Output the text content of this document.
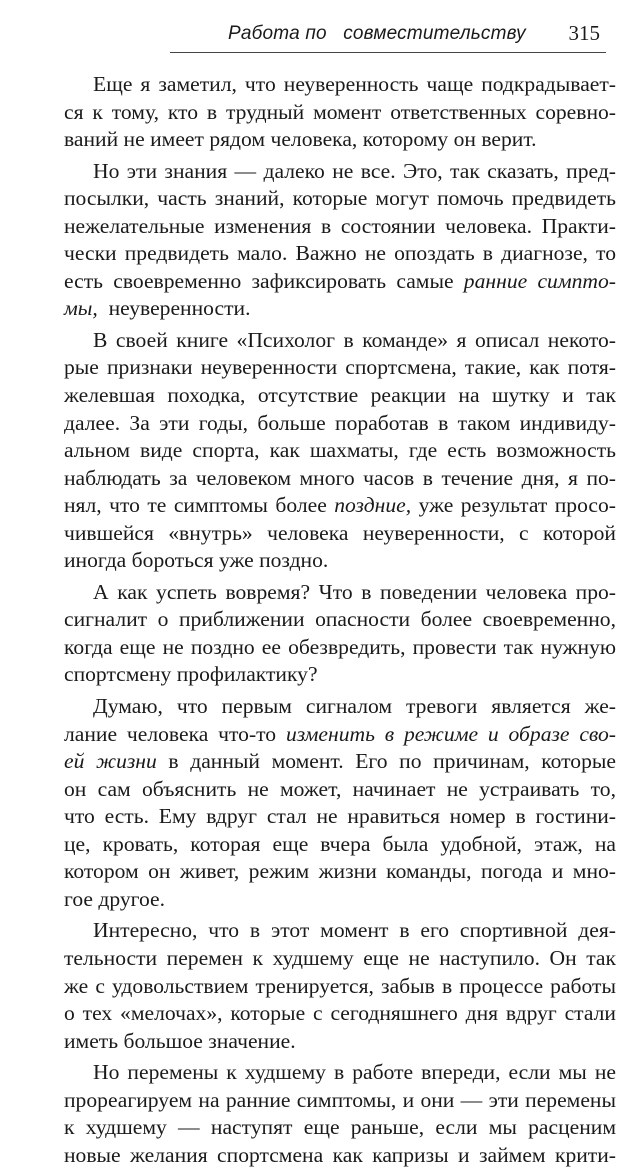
Работа по   совместительству 315
Еще я заметил, что неуверенность чаще подкрадывает-
ся к тому, кто в трудный момент ответственных соревно-
ваний не имеет рядом человека, которому он верит.
Но эти знания — далеко не все. Это, так сказать, пред-
посылки, часть знаний, которые могут помочь предвидеть
нежелательные изменения в состоянии человека. Практи-
чески предвидеть мало. Важно не опоздать в диагнозе, то
есть своевременно зафиксировать самые ранние симпто-
мы,  неуверенности.
В своей книге «Психолог в команде» я описал некото-
рые признаки неуверенности спортсмена, такие, как потя-
желевшая походка, отсутствие реакции на шутку и так
далее. За эти годы, больше поработав в таком индивиду-
альном виде спорта, как шахматы, где есть возможность
наблюдать за человеком много часов в течение дня, я по-
нял, что те симптомы более поздние, уже результат просо-
чившейся «внутрь» человека неуверенности, с которой
иногда бороться уже поздно.
А как успеть вовремя? Что в поведении человека про-
сигналит о приближении опасности более своевременно,
когда еще не поздно ее обезвредить, провести так нужную
спортсмену профилактику?
Думаю, что первым сигналом тревоги является же-
лание человека что-то изменить в режиме и образе сво-
ей жизни в данный момент. Его по причинам, которые
он сам объяснить не может, начинает не устраивать то,
что есть. Ему вдруг стал не нравиться номер в гостини-
це, кровать, которая еще вчера была удобной, этаж, на
котором он живет, режим жизни команды, погода и мно-
гое другое.
Интересно, что в этот момент в его спортивной дея-
тельности перемен к худшему еще не наступило. Он так
же с удовольствием тренируется, забыв в процессе работы
о тех «мелочах», которые с сегодняшнего дня вдруг стали
иметь большое значение.
Но перемены к худшему в работе впереди, если мы не
прореагируем на ранние симптомы, и они — эти перемены
к худшему — наступят еще раньше, если мы расценим
новые желания спортсмена как капризы и займем крити-
